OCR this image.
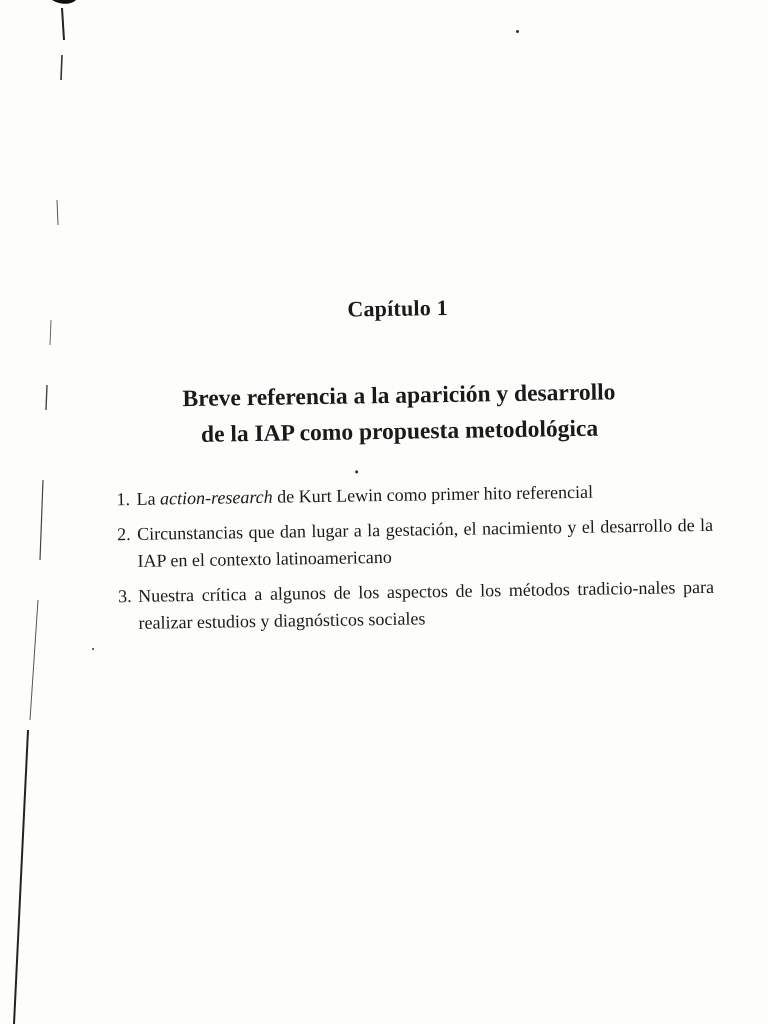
Capítulo 1
Breve referencia a la aparición y desarrollo
de la IAP como propuesta metodológica
1. La action-research de Kurt Lewin como primer hito referencial
2. Circunstancias que dan lugar a la gestación, el nacimiento y el desarrollo de la IAP en el contexto latinoamericano
3. Nuestra crítica a algunos de los aspectos de los métodos tradicio-nales para realizar estudios y diagnósticos sociales
